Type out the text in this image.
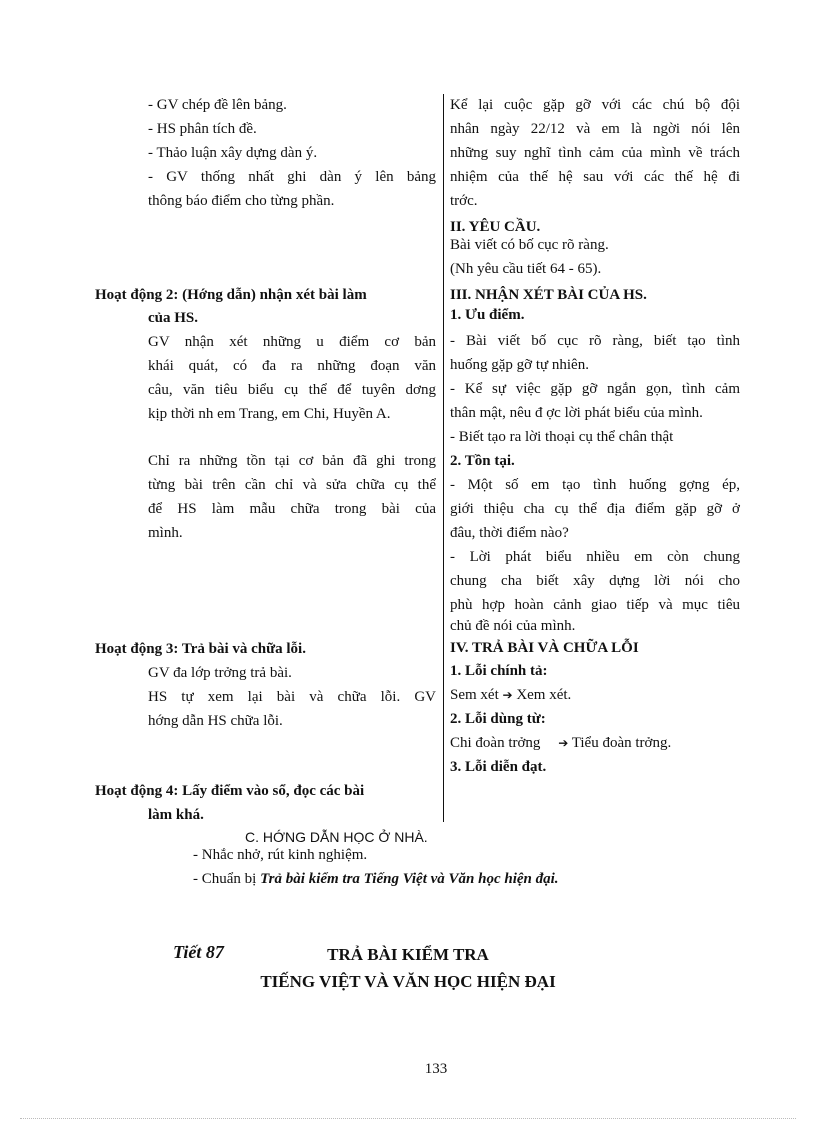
- GV chép đề lên bảng.

- HS phân tích đề.

- Thảo luận xây dựng dàn ý.

- GV thống nhất ghi dàn ý lên bảng

thông báo điểm cho từng phần.

Hoạt động 2: (Hớng dẫn) nhận xét bài làm

của HS.

GV nhận xét những u điểm cơ bản

khái quát, có đa ra những đoạn văn

câu, văn tiêu biểu cụ thể để tuyên dơng

kịp thời nh em Trang, em Chi, Huyền A.

Chỉ ra những tồn tại cơ bản đã ghi trong

từng bài trên cần chỉ và sửa chữa cụ thể

để HS làm mẫu chữa trong bài của

mình.

Hoạt động 3: Trả bài và chữa lỗi.

GV đa lớp trởng trả bài.

HS tự xem lại bài và chữa lỗi. GV

hớng dẫn HS chữa lỗi.

Hoạt động 4: Lấy điểm vào sổ, đọc các bài

làm khá.

Kể lại cuộc gặp gỡ với các chú bộ đội

nhân ngày 22/12 và em là ngời nói lên

những suy nghĩ tình cảm của mình về trách

nhiệm của thế hệ sau với các thế hệ đi

trớc.

II. YÊU CẦU.

Bài viết có bố cục rõ ràng.

(Nh yêu cầu tiết 64 - 65).

III. NHẬN XÉT BÀI CỦA HS.

1. Ưu điểm.

- Bài viết bố cục rõ ràng, biết tạo tình

huống gặp gỡ tự nhiên.

- Kể sự việc gặp gỡ ngắn gọn, tình cảm

thân mật, nêu đ ợc lời phát biểu của mình.

- Biết tạo ra lời thoại cụ thể chân thật

2. Tồn tại.

- Một số em tạo tình huống gợng ép,

giới thiệu cha cụ thể địa điểm gặp gỡ ở

đâu, thời điểm nào?

- Lời phát biểu nhiều em còn chung

chung cha biết xây dựng lời nói cho

phù hợp hoàn cảnh giao tiếp và mục tiêu

chủ đề nói của mình.

IV. TRẢ BÀI VÀ CHỮA LỖI

1. Lỗi chính tả:

Sem xét ➔ Xem xét.

2. Lỗi dùng từ:

Chi đoàn trởng ➔ Tiểu đoàn trởng.

3. Lỗi diễn đạt.

C. HỚNG DẪN HỌC Ở NHÀ.

- Nhắc nhở, rút kinh nghiệm.

- Chuẩn bị Trả bài kiểm tra Tiếng Việt và Văn học hiện đại.

Tiết 87	TRẢ BÀI KIỂM TRA

TIẾNG VIỆT VÀ VĂN HỌC HIỆN ĐẠI

133
